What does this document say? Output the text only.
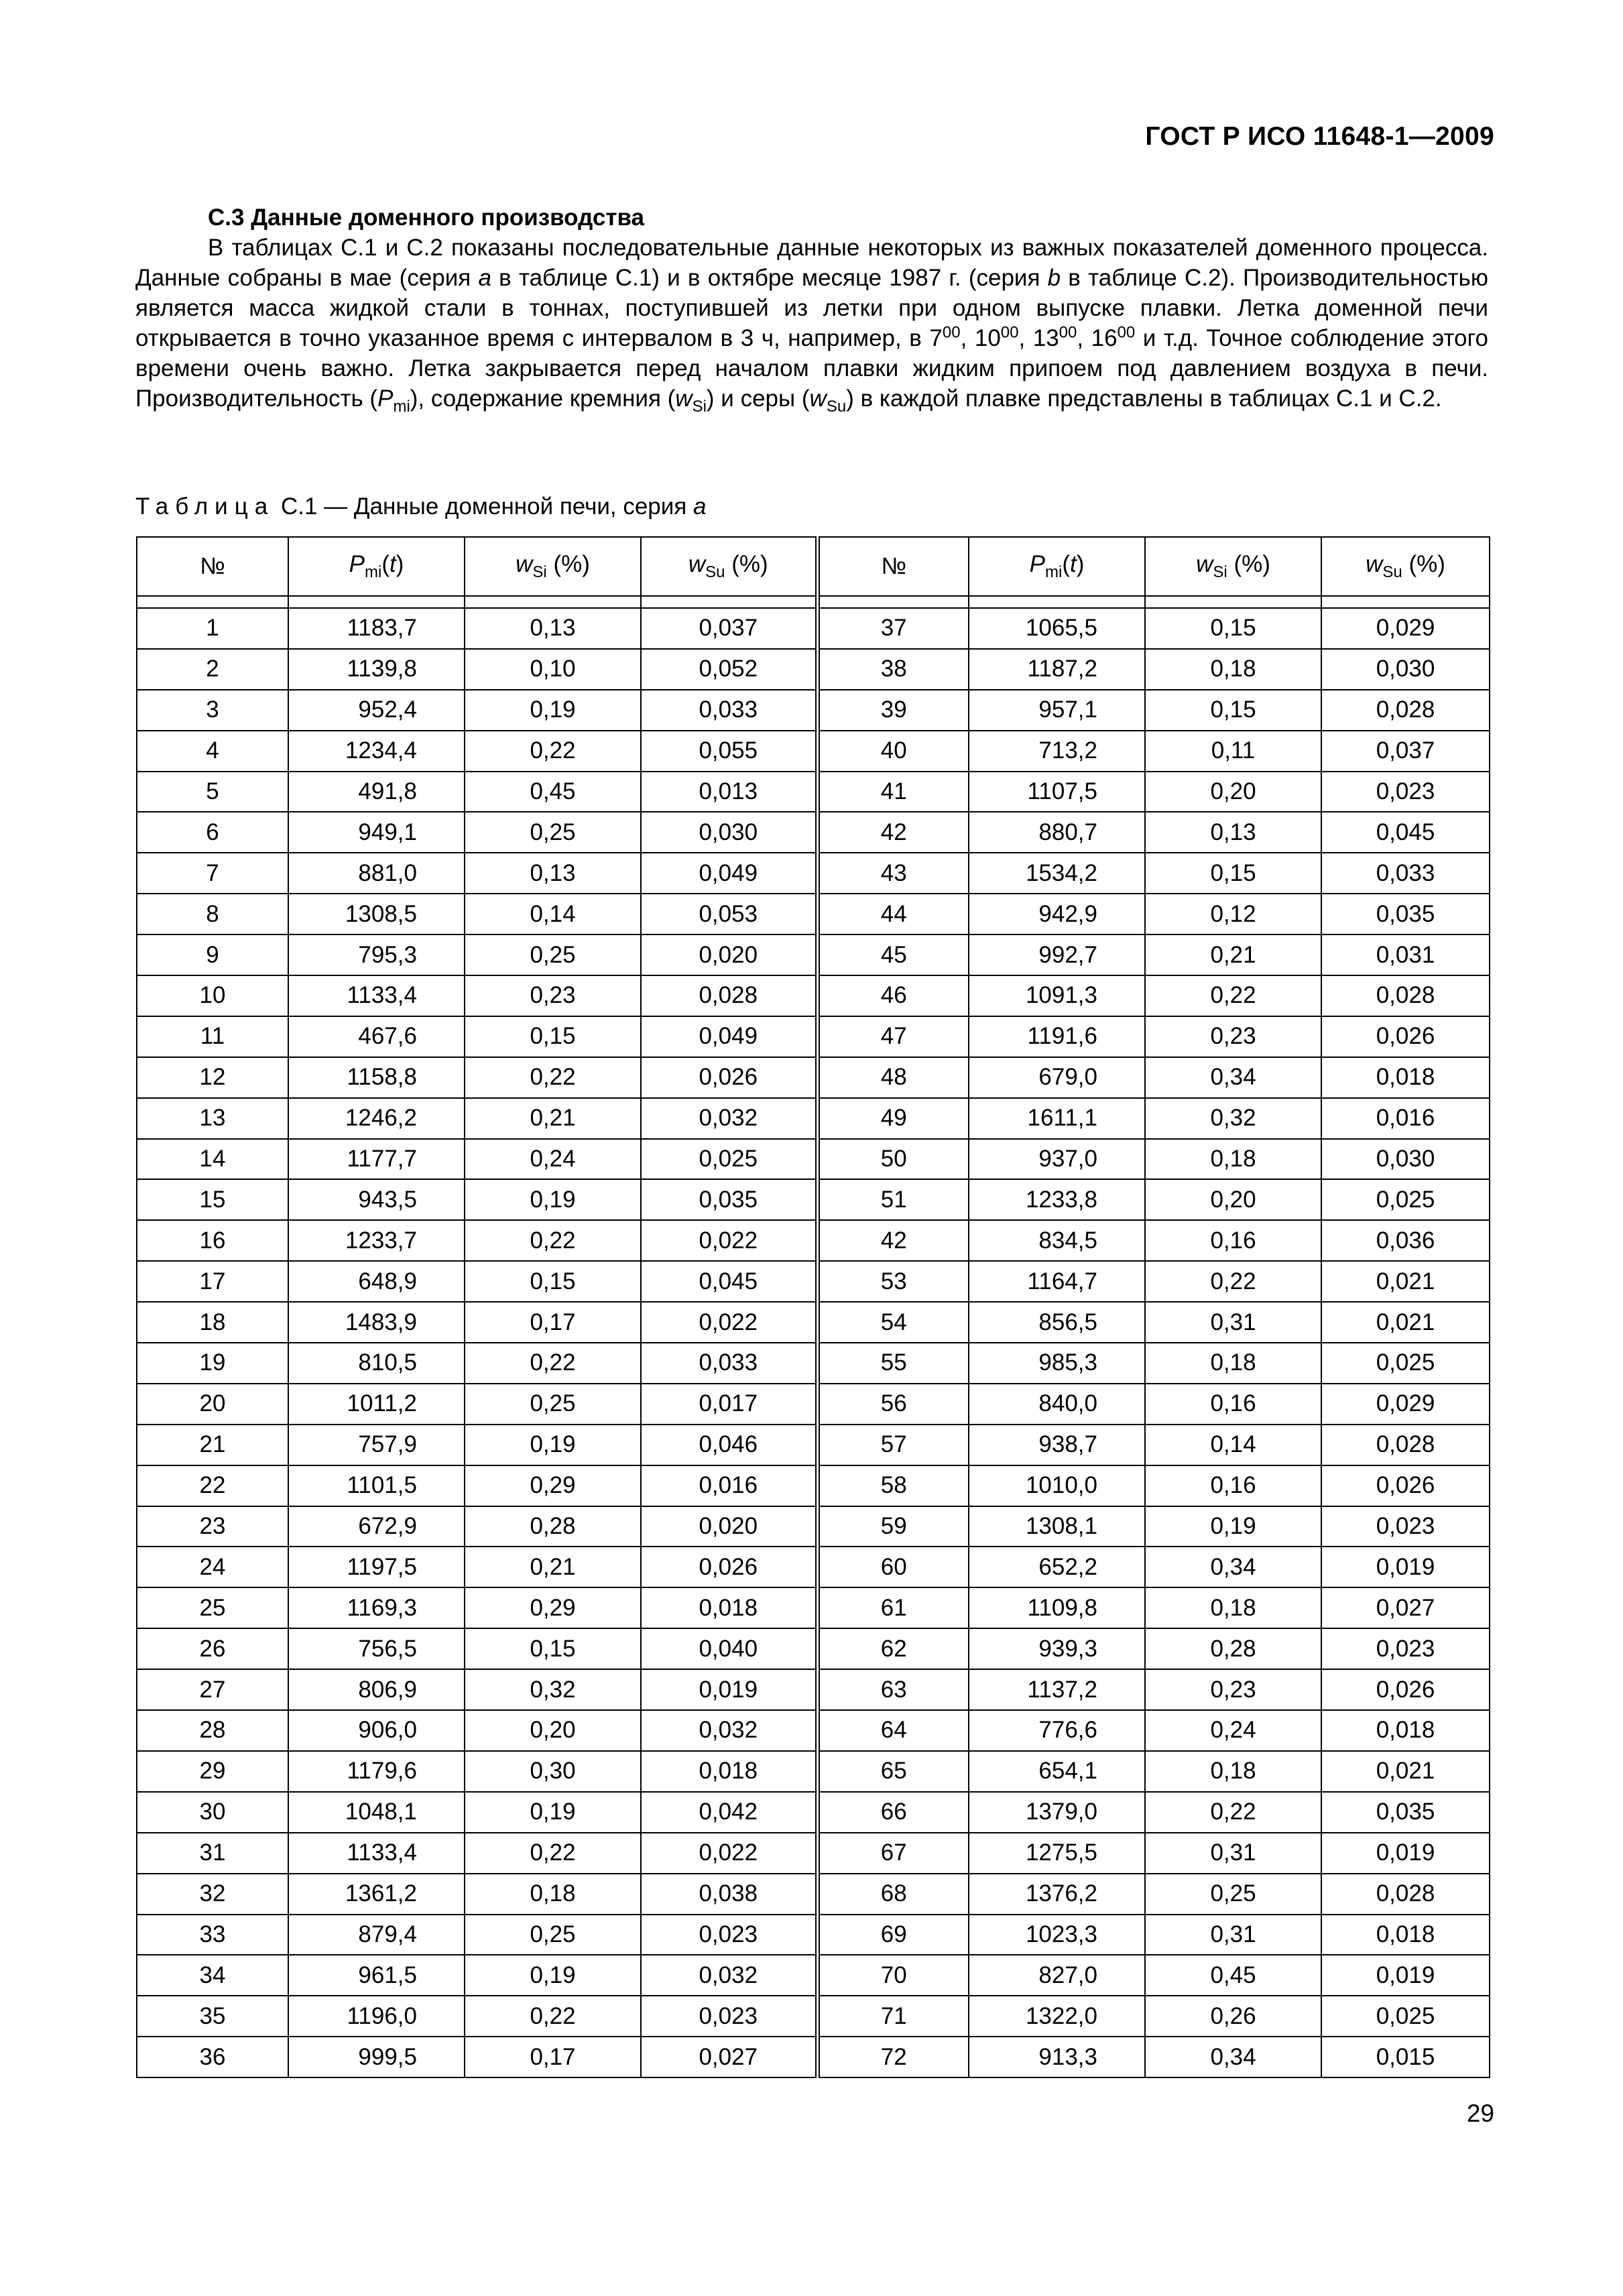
ГОСТ Р ИСО 11648-1—2009

C.3 Данные доменного производства

В таблицах С.1 и С.2 показаны последовательные данные некоторых из важных показателей доменного процесса. Данные собраны в мае (серия a в таблице С.1) и в октябре месяце 1987 г. (серия b в таблице С.2). Производительностью является масса жидкой стали в тоннах, поступившей из летки при одном выпуске плавки. Летка доменной печи открывается в точно указанное время с интервалом в 3 ч, например, в $7^{00}$, $10^{00}$, $13^{00}$, $16^{00}$ и т.д. Точное соблюдение этого времени очень важно. Летка закрывается перед началом плавки жидким припоем под давлением воздуха в печи. Производительность $(P_{mi})$, содержание кремния $(w_{Si})$ и серы $(w_{Su})$ в каждой плавке представлены в таблицах С.1 и С.2.

Таблица С.1 — Данные доменной печи, серия a
№	$P_{mi}(t)$	$w_{Si}$ (%)	$w_{Su}$ (%)	№	$P_{mi}(t)$	$w_{Si}$ (%)	$w_{Su}$ (%)

1	1183,7	0,13	0,037	37	1065,5	0,15	0,029
2	1139,8	0,10	0,052	38	1187,2	0,18	0,030
3	952,4	0,19	0,033	39	957,1	0,15	0,028
4	1234,4	0,22	0,055	40	713,2	0,11	0,037
5	491,8	0,45	0,013	41	1107,5	0,20	0,023
6	949,1	0,25	0,030	42	880,7	0,13	0,045
7	881,0	0,13	0,049	43	1534,2	0,15	0,033
8	1308,5	0,14	0,053	44	942,9	0,12	0,035
9	795,3	0,25	0,020	45	992,7	0,21	0,031
10	1133,4	0,23	0,028	46	1091,3	0,22	0,028
11	467,6	0,15	0,049	47	1191,6	0,23	0,026
12	1158,8	0,22	0,026	48	679,0	0,34	0,018
13	1246,2	0,21	0,032	49	1611,1	0,32	0,016
14	1177,7	0,24	0,025	50	937,0	0,18	0,030
15	943,5	0,19	0,035	51	1233,8	0,20	0,025
16	1233,7	0,22	0,022	42	834,5	0,16	0,036
17	648,9	0,15	0,045	53	1164,7	0,22	0,021
18	1483,9	0,17	0,022	54	856,5	0,31	0,021
19	810,5	0,22	0,033	55	985,3	0,18	0,025
20	1011,2	0,25	0,017	56	840,0	0,16	0,029
21	757,9	0,19	0,046	57	938,7	0,14	0,028
22	1101,5	0,29	0,016	58	1010,0	0,16	0,026
23	672,9	0,28	0,020	59	1308,1	0,19	0,023
24	1197,5	0,21	0,026	60	652,2	0,34	0,019
25	1169,3	0,29	0,018	61	1109,8	0,18	0,027
26	756,5	0,15	0,040	62	939,3	0,28	0,023
27	806,9	0,32	0,019	63	1137,2	0,23	0,026
28	906,0	0,20	0,032	64	776,6	0,24	0,018
29	1179,6	0,30	0,018	65	654,1	0,18	0,021
30	1048,1	0,19	0,042	66	1379,0	0,22	0,035
31	1133,4	0,22	0,022	67	1275,5	0,31	0,019
32	1361,2	0,18	0,038	68	1376,2	0,25	0,028
33	879,4	0,25	0,023	69	1023,3	0,31	0,018
34	961,5	0,19	0,032	70	827,0	0,45	0,019
35	1196,0	0,22	0,023	71	1322,0	0,26	0,025
36	999,5	0,17	0,027	72	913,3	0,34	0,015
29
